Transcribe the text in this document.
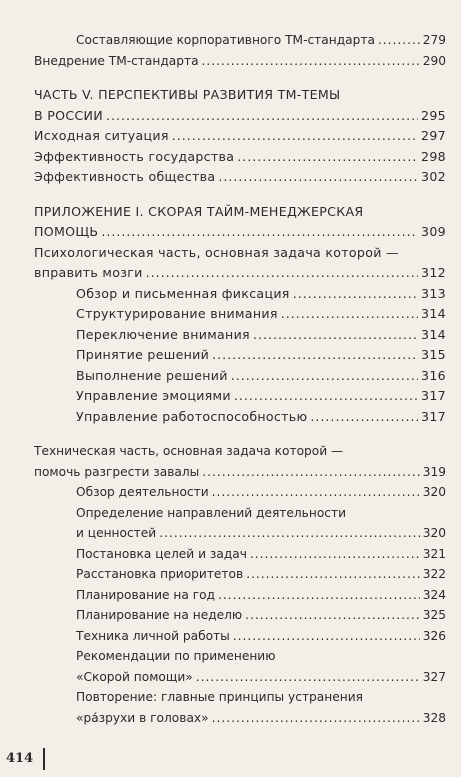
Составляющие корпоративного ТМ-стандарта .....	279
Внедрение ТМ-стандарта .....	290
ЧАСТЬ V. ПЕРСПЕКТИВЫ РАЗВИТИЯ ТМ-ТЕМЫ
В РОССИИ .....	295
Исходная ситуация .....	297
Эффективность государства .....	298
Эффективность общества .....	302
ПРИЛОЖЕНИЕ I. СКОРАЯ ТАЙМ-МЕНЕДЖЕРСКАЯ
ПОМОЩЬ .....	309
Психологическая часть, основная задача которой —
вправить мозги .....	312
Обзор и письменная фиксация .....	313
Структурирование внимания .....	314
Переключение внимания .....	314
Принятие решений .....	315
Выполнение решений .....	316
Управление эмоциями .....	317
Управление работоспособностью .....	317
Техническая часть, основная задача которой —
помочь разгрести завалы .....	319
Обзор деятельности .....	320
Определение направлений деятельности
и ценностей .....	320
Постановка целей и задач .....	321
Расстановка приоритетов .....	322
Планирование на год .....	324
Планирование на неделю .....	325
Техника личной работы .....	326
Рекомендации по применению
«Скорой помощи» .....	327
Повторение: главные принципы устранения
«ра́зрухи в головах» .....	328
414
